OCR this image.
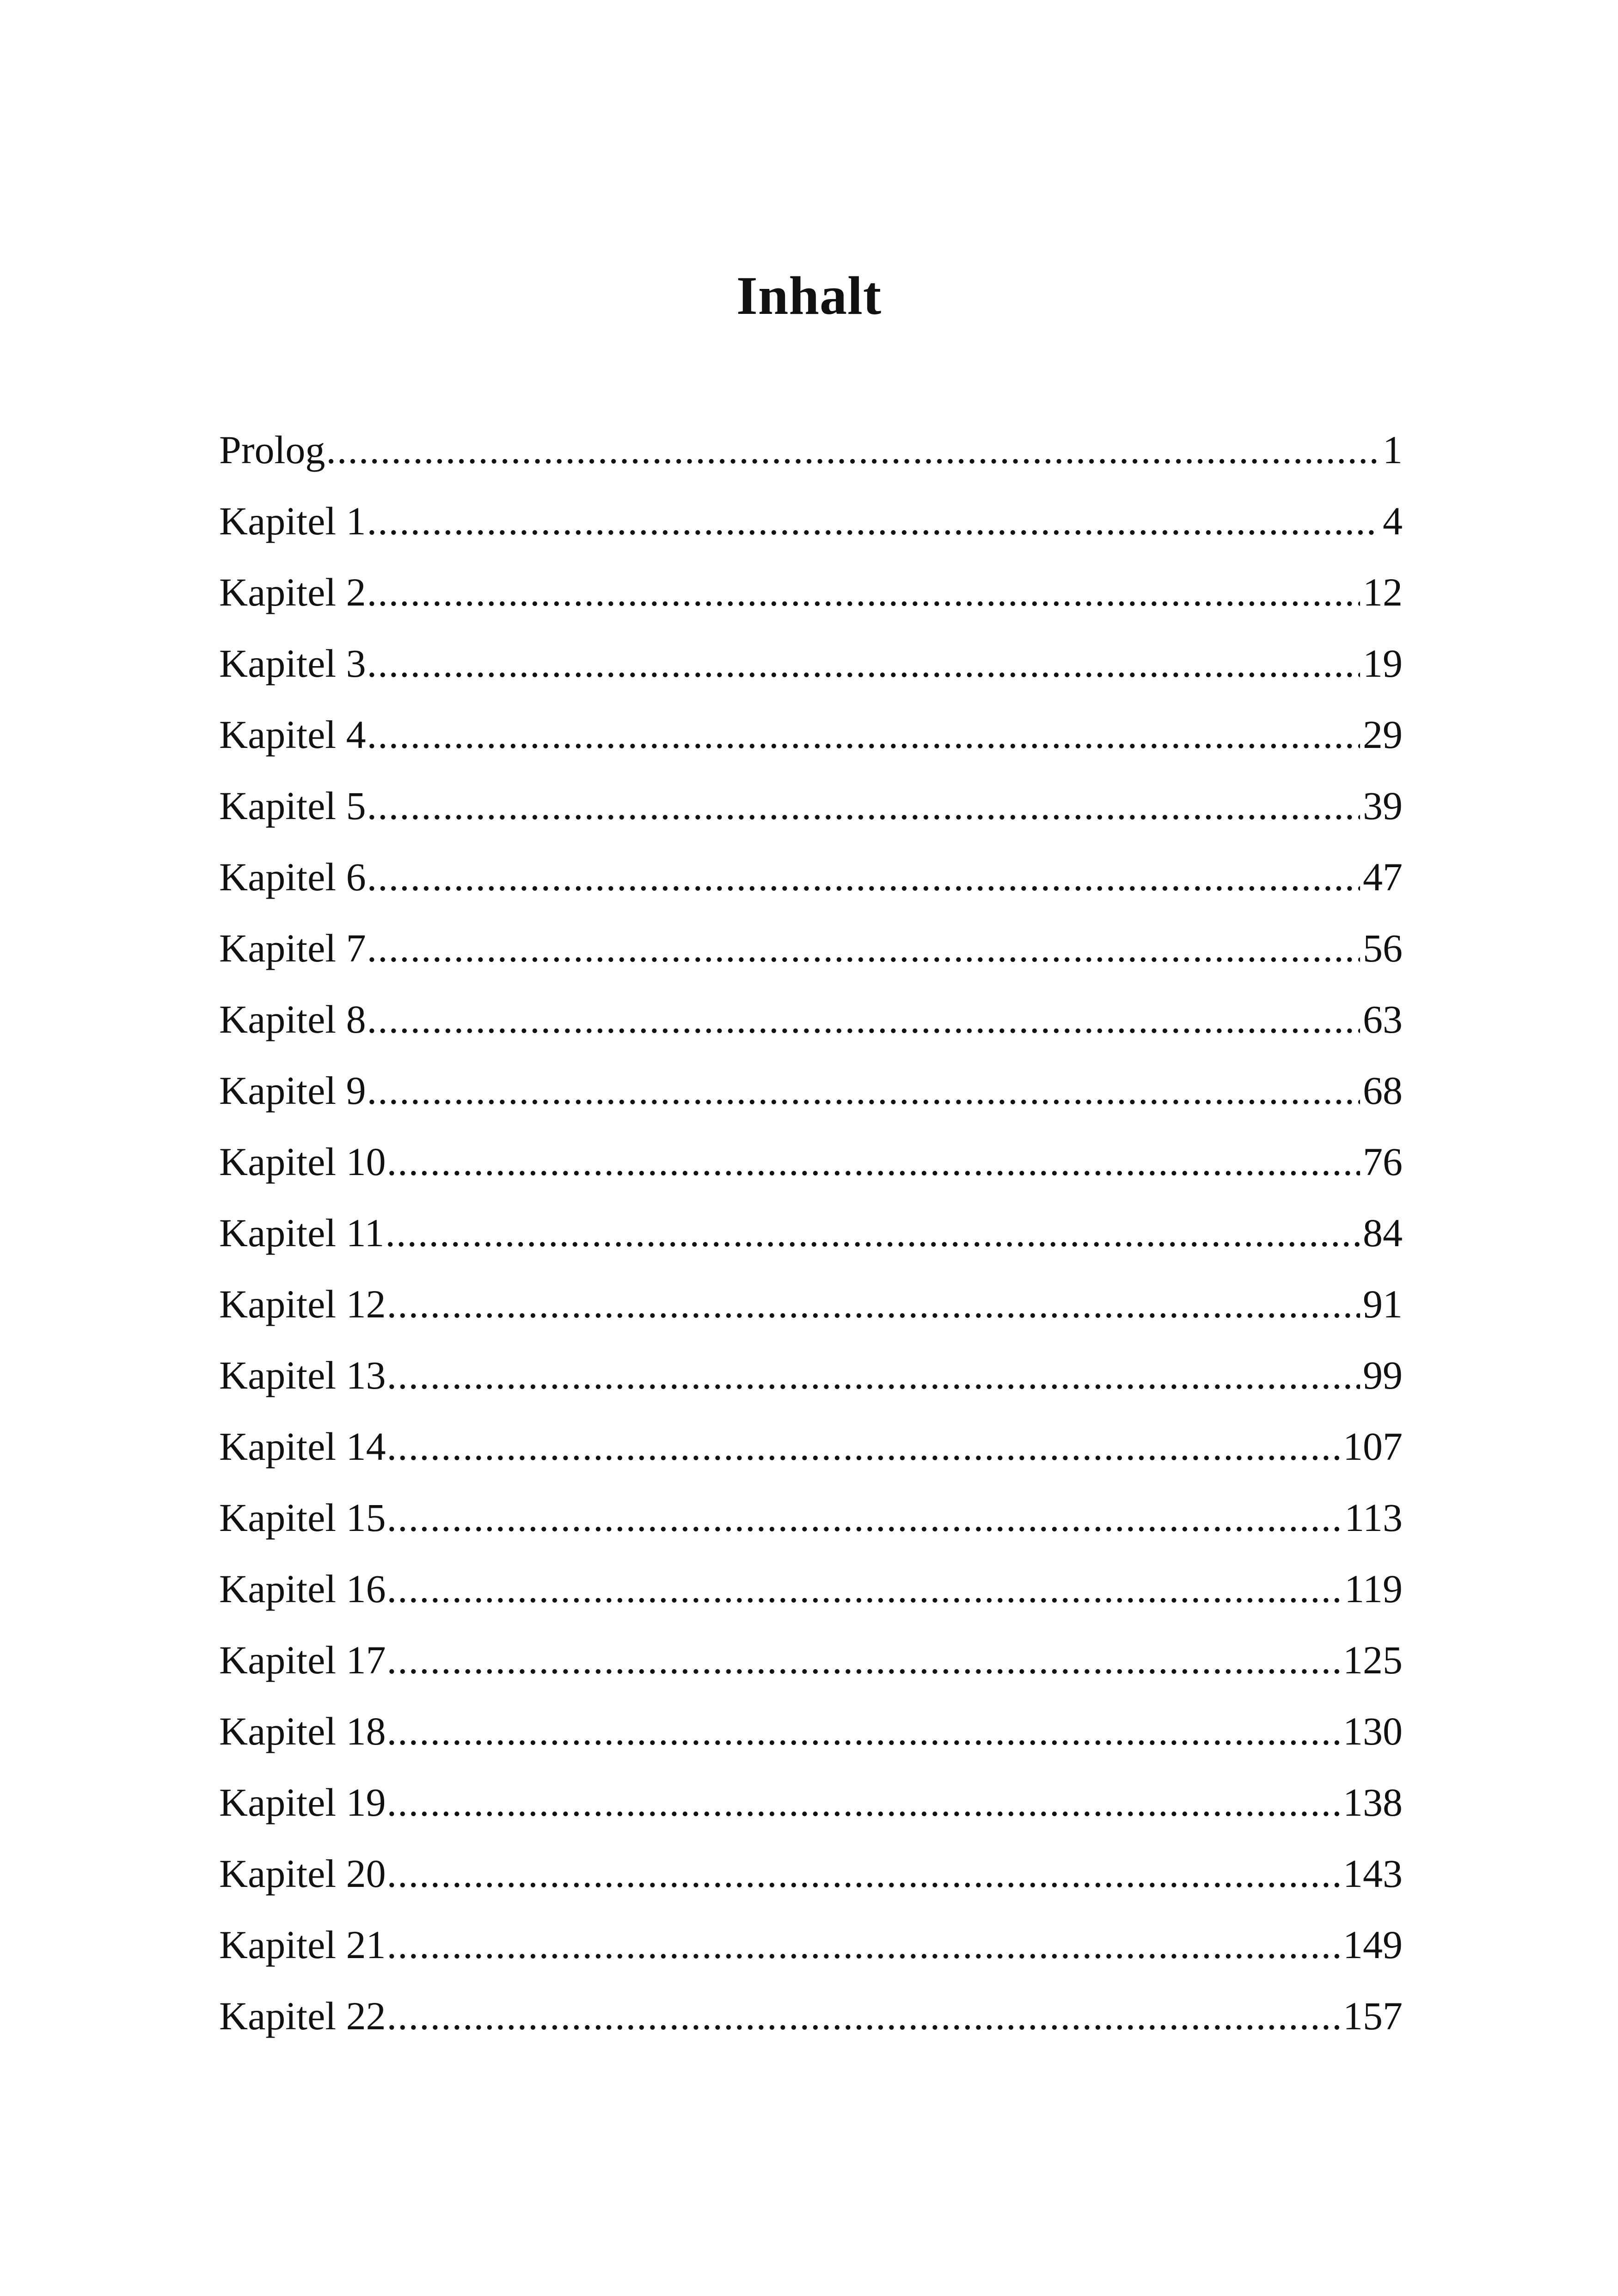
Inhalt
Prolog .....	1
Kapitel 1 .....	4
Kapitel 2 .....	12
Kapitel 3 .....	19
Kapitel 4 .....	29
Kapitel 5 .....	39
Kapitel 6 .....	47
Kapitel 7 .....	56
Kapitel 8 .....	63
Kapitel 9 .....	68
Kapitel 10 .....	76
Kapitel 11 .....	84
Kapitel 12 .....	91
Kapitel 13 .....	99
Kapitel 14 .....	107
Kapitel 15 .....	113
Kapitel 16 .....	119
Kapitel 17 .....	125
Kapitel 18 .....	130
Kapitel 19 .....	138
Kapitel 20 .....	143
Kapitel 21 .....	149
Kapitel 22 .....	157
